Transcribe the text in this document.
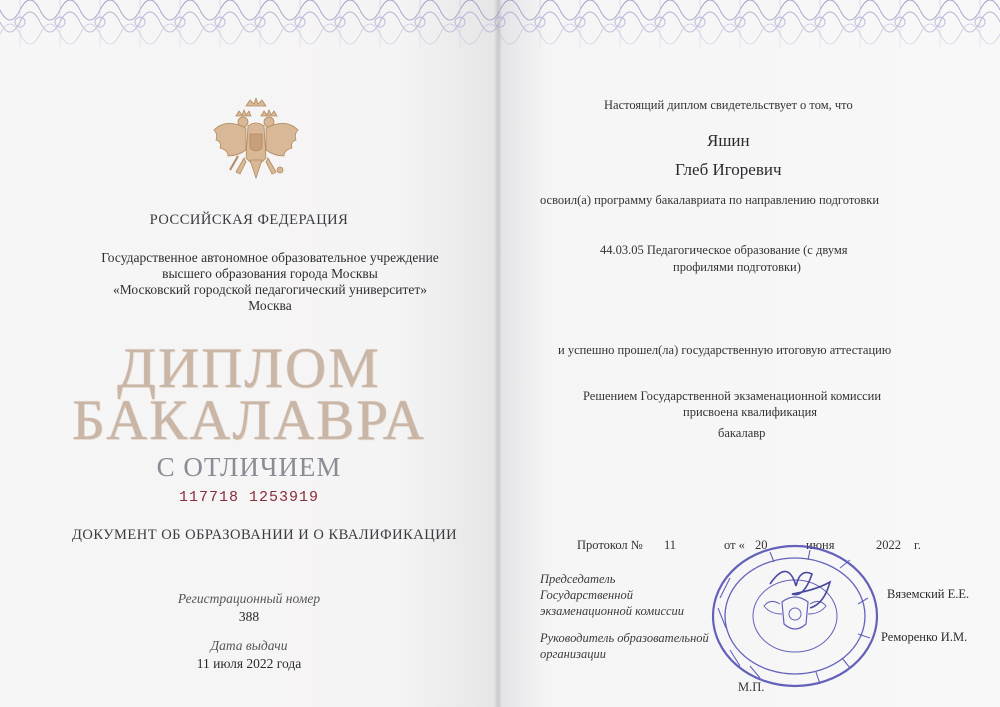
РОССИЙСКАЯ ФЕДЕРАЦИЯ
Государственное автономное образовательное учреждение
высшего образования города Москвы
«Московский городской педагогический университет»
Москва
ДИПЛОМ
БАКАЛАВРА
С ОТЛИЧИЕМ
117718 1253919
ДОКУМЕНТ ОБ ОБРАЗОВАНИИ И О КВАЛИФИКАЦИИ
Регистрационный номер
388
Дата выдачи
11 июля 2022 года
Настоящий диплом свидетельствует о том, что
Яшин
Глеб Игоревич
освоил(а) программу бакалавриата по направлению подготовки
44.03.05 Педагогическое образование (с двумя
профилями подготовки)
и успешно прошел(ла) государственную итоговую аттестацию
Решением Государственной экзаменационной комиссии
присвоена квалификация
бакалавр
Протокол № 11	от « 20	июня	2022 г.
Председатель
Государственной
экзаменационной комиссии
Вяземский Е.Е.
Руководитель образовательной
организации
Реморенко И.М.
М.П.
